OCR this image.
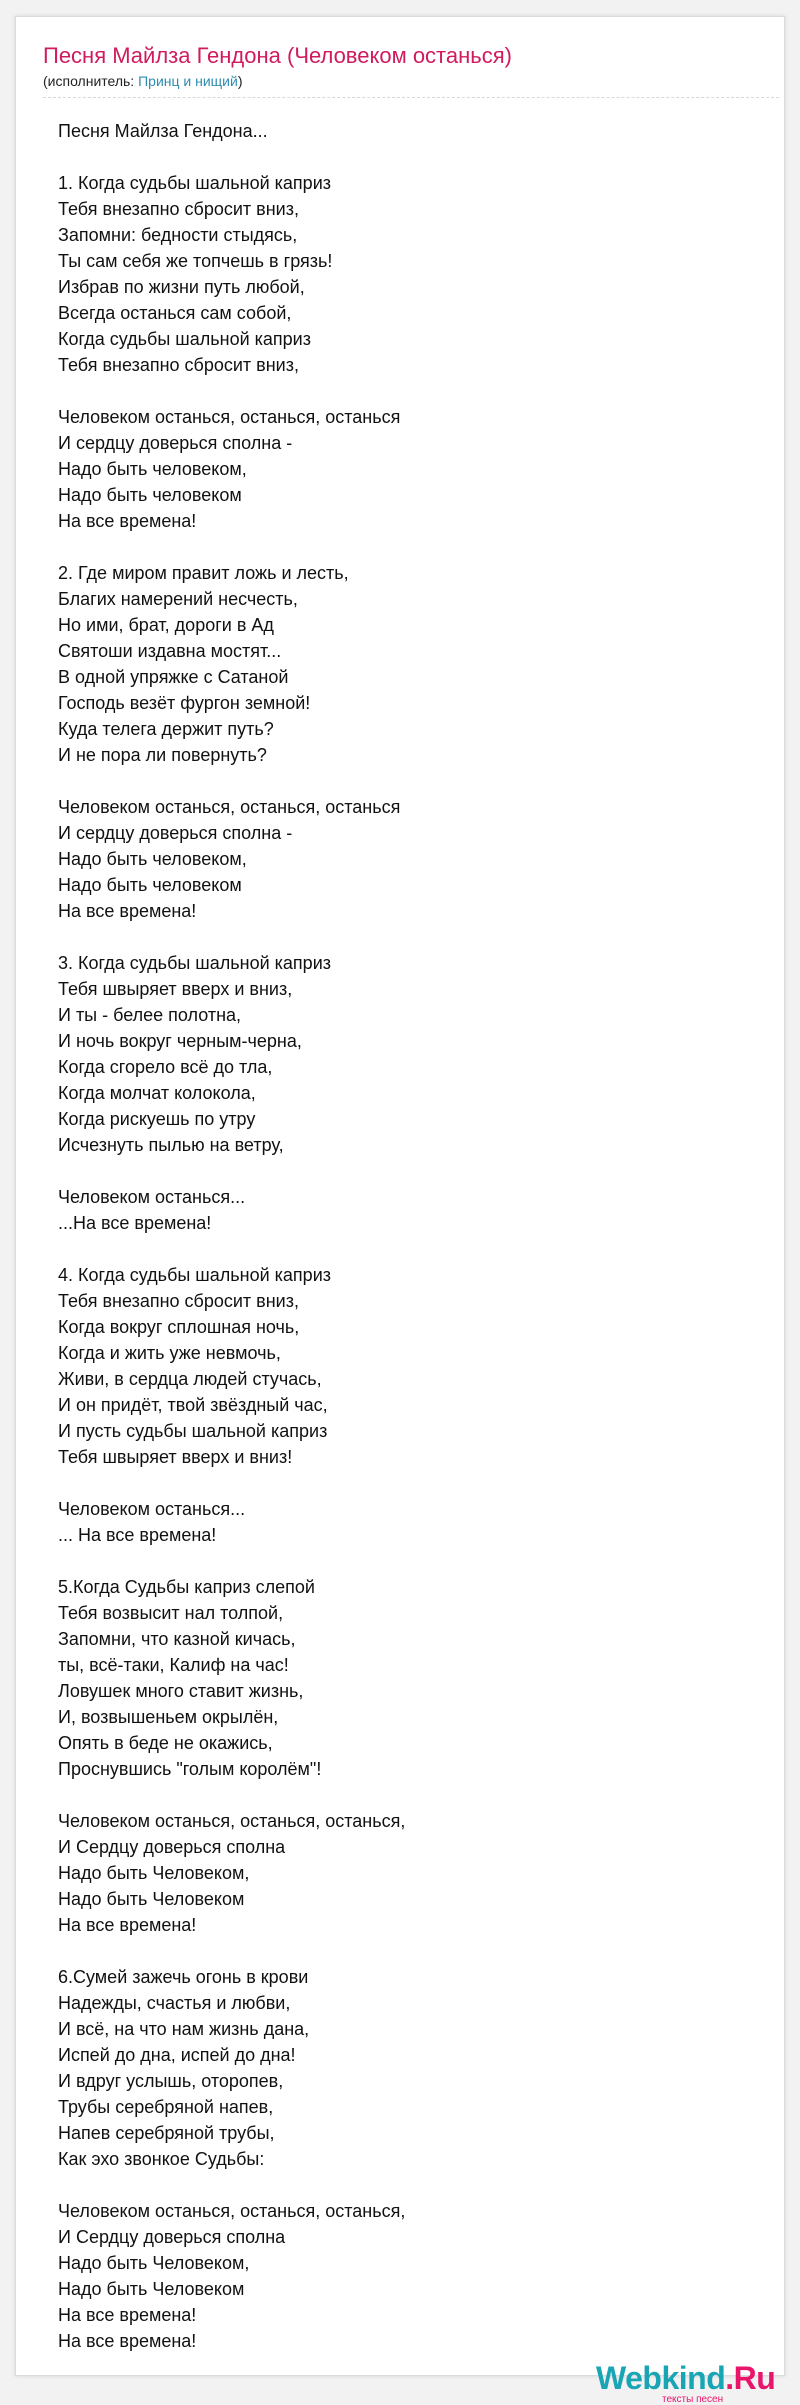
Песня Майлза Гендона (Человеком останься)
(исполнитель: Принц и нищий)
Песня Майлза Гендона...
1. Когда судьбы шальной каприз
Тебя внезапно сбросит вниз,
Запомни: бедности стыдясь,
Ты сам себя же топчешь в грязь!
Избрав по жизни путь любой,
Всегда останься сам собой,
Когда судьбы шальной каприз
Тебя внезапно сбросит вниз,
Человеком останься, останься, останься
И сердцу доверься сполна -
Надо быть человеком,
Надо быть человеком
На все времена!
2. Где миром правит ложь и лесть,
Благих намерений несчесть,
Но ими, брат, дороги в Ад
Святоши издавна мостят...
В одной упряжке с Сатаной
Господь везёт фургон земной!
Куда телега держит путь?
И не пора ли повернуть?
Человеком останься, останься, останься
И сердцу доверься сполна -
Надо быть человеком,
Надо быть человеком
На все времена!
3. Когда судьбы шальной каприз
Тебя швыряет вверх и вниз,
И ты - белее полотна,
И ночь вокруг черным-черна,
Когда сгорело всё до тла,
Когда молчат колокола,
Когда рискуешь по утру
Исчезнуть пылью на ветру,
Человеком останься...
...На все времена!
4. Когда судьбы шальной каприз
Тебя внезапно сбросит вниз,
Когда вокруг сплошная ночь,
Когда и жить уже невмочь,
Живи, в сердца людей стучась,
И он придёт, твой звёздный час,
И пусть судьбы шальной каприз
Тебя швыряет вверх и вниз!
Человеком останься...
... На все времена!
5.Когда Судьбы каприз слепой
Тебя возвысит нал толпой,
Запомни, что казной кичась,
ты, всё-таки, Калиф на час!
Ловушек много ставит жизнь,
И, возвышеньем окрылён,
Опять в беде не окажись,
Проснувшись "голым королём"!
Человеком останься, останься, останься,
И Сердцу доверься сполна
Надо быть Человеком,
Надо быть Человеком
На все времена!
6.Сумей зажечь огонь в крови
Надежды, счастья и любви,
И всё, на что нам жизнь дана,
Испей до дна, испей до дна!
И вдруг услышь, оторопев,
Трубы серебряной напев,
Напев серебряной трубы,
Как эхо звонкое Судьбы:
Человеком останься, останься, останься,
И Сердцу доверься сполна
Надо быть Человеком,
Надо быть Человеком
На все времена!
На все времена!
Webkind.Ru
тексты песен
